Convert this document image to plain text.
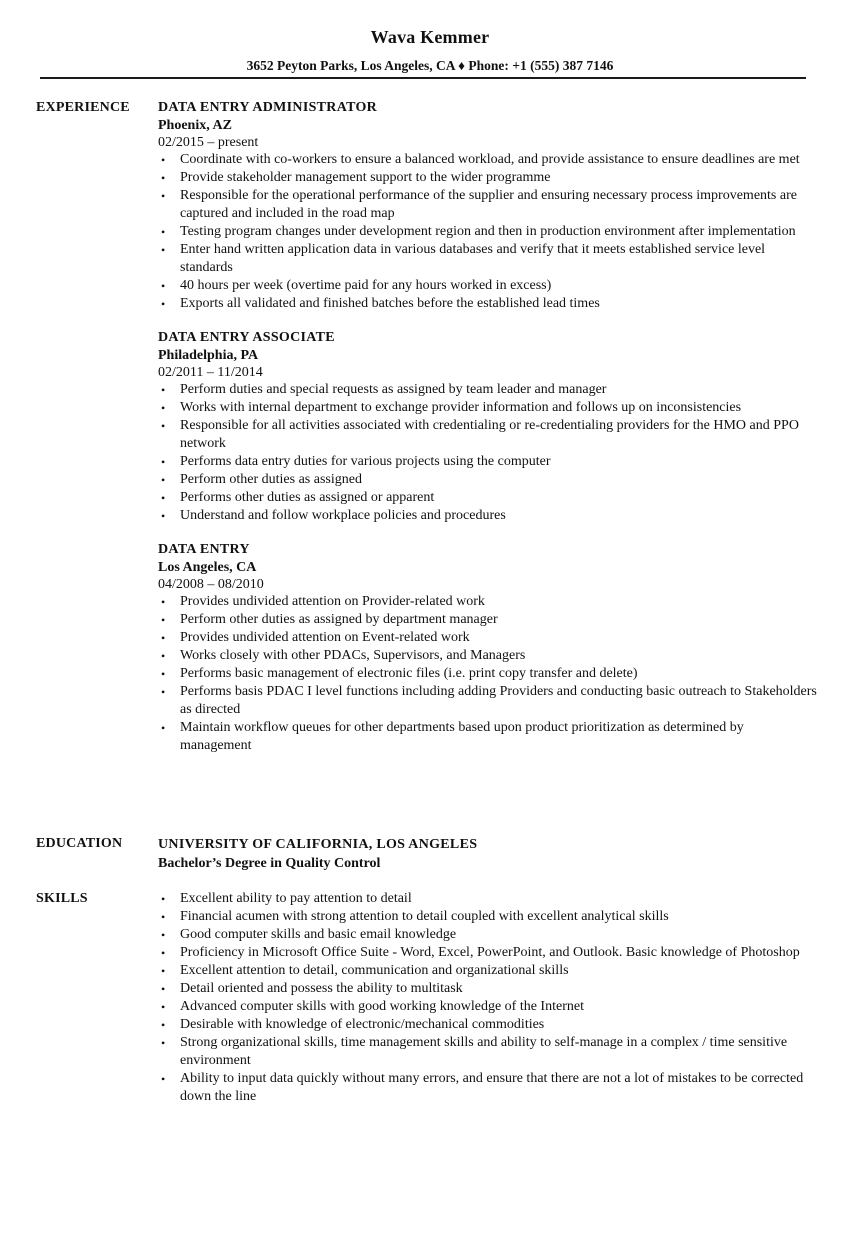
Wava Kemmer
3652 Peyton Parks, Los Angeles, CA ♦ Phone: +1 (555) 387 7146
EXPERIENCE DATA ENTRY ADMINISTRATOR
Phoenix, AZ
02/2015 – present
• Coordinate with co-workers to ensure a balanced workload, and provide assistance to ensure deadlines are met
• Provide stakeholder management support to the wider programme
• Responsible for the operational performance of the supplier and ensuring necessary process improvements are captured and included in the road map
• Testing program changes under development region and then in production environment after implementation
• Enter hand written application data in various databases and verify that it meets established service level standards
• 40 hours per week (overtime paid for any hours worked in excess)
• Exports all validated and finished batches before the established lead times
DATA ENTRY ASSOCIATE
Philadelphia, PA
02/2011 – 11/2014
• Perform duties and special requests as assigned by team leader and manager
• Works with internal department to exchange provider information and follows up on inconsistencies
• Responsible for all activities associated with credentialing or re-credentialing providers for the HMO and PPO network
• Performs data entry duties for various projects using the computer
• Perform other duties as assigned
• Performs other duties as assigned or apparent
• Understand and follow workplace policies and procedures
DATA ENTRY
Los Angeles, CA
04/2008 – 08/2010
• Provides undivided attention on Provider-related work
• Perform other duties as assigned by department manager
• Provides undivided attention on Event-related work
• Works closely with other PDACs, Supervisors, and Managers
• Performs basic management of electronic files (i.e. print copy transfer and delete)
• Performs basis PDAC I level functions including adding Providers and conducting basic outreach to Stakeholders as directed
• Maintain workflow queues for other departments based upon product prioritization as determined by management
EDUCATION	UNIVERSITY OF CALIFORNIA, LOS ANGELES
Bachelor’s Degree in Quality Control
SKILLS	• Excellent ability to pay attention to detail
• Financial acumen with strong attention to detail coupled with excellent analytical skills
• Good computer skills and basic email knowledge
• Proficiency in Microsoft Office Suite - Word, Excel, PowerPoint, and Outlook. Basic knowledge of Photoshop
• Excellent attention to detail, communication and organizational skills
• Detail oriented and possess the ability to multitask
• Advanced computer skills with good working knowledge of the Internet
• Desirable with knowledge of electronic/mechanical commodities
• Strong organizational skills, time management skills and ability to self-manage in a complex / time sensitive environment
• Ability to input data quickly without many errors, and ensure that there are not a lot of mistakes to be corrected down the line
